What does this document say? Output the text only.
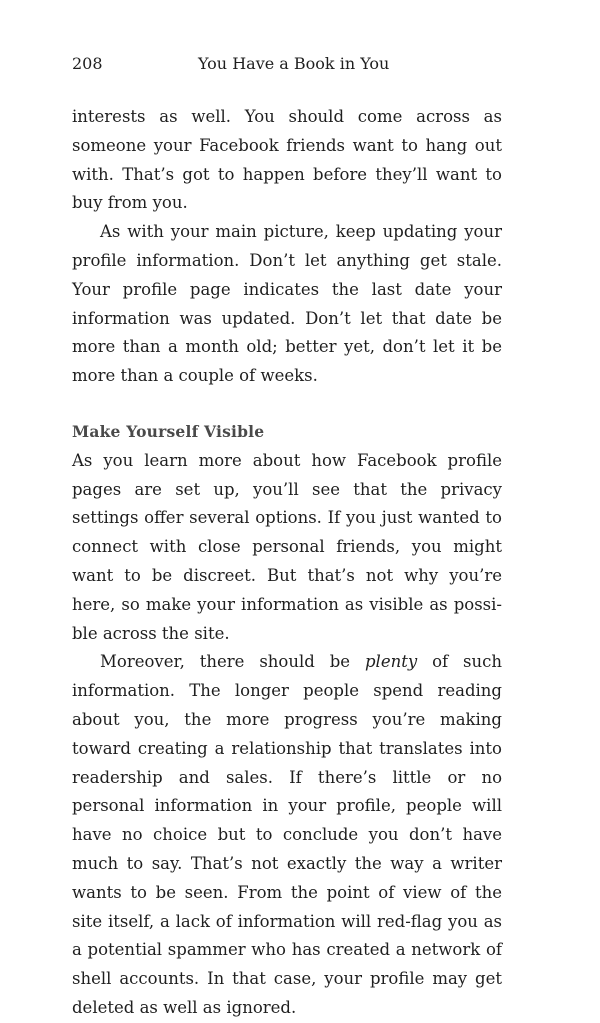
208	You Have a Book in You

interests as well. You should come across as someone your Facebook friends want to hang out with. That’s got to happen before they’ll want to buy from you.

As with your main picture, keep updating your profile information. Don’t let anything get stale. Your profile page indicates the last date your information was updated. Don’t let that date be more than a month old; better yet, don’t let it be more than a couple of weeks.

Make Yourself Visible

As you learn more about how Facebook profile pages are set up, you’ll see that the privacy settings offer several options. If you just wanted to connect with close personal friends, you might want to be discreet. But that’s not why you’re here, so make your information as visible as possible across the site.

Moreover, there should be plenty of such information. The longer people spend reading about you, the more progress you’re making toward creating a relationship that translates into readership and sales. If there’s little or no personal information in your profile, people will have no choice but to conclude you don’t have much to say. That’s not exactly the way a writer wants to be seen. From the point of view of the site itself, a lack of information will red-flag you as a potential spammer who has created a network of shell accounts. In that case, your profile may get deleted as well as ignored.
